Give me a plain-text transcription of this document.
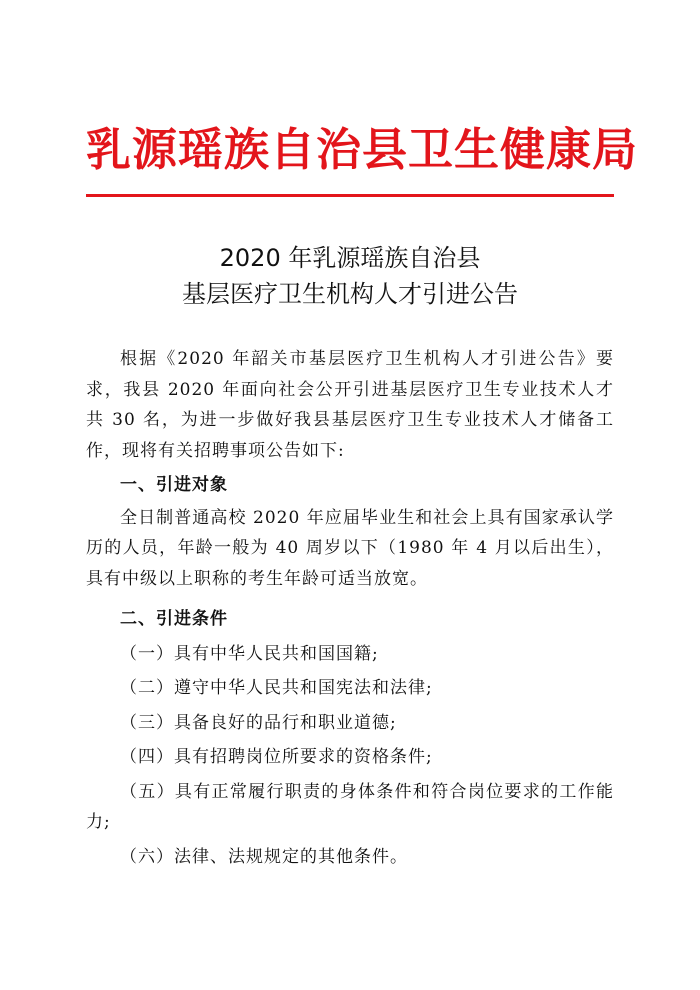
乳源瑶族自治县卫生健康局
2020 年乳源瑶族自治县
基层医疗卫生机构人才引进公告

根据《2020 年韶关市基层医疗卫生机构人才引进公告》要求，我县 2020 年面向社会公开引进基层医疗卫生专业技术人才共 30 名，为进一步做好我县基层医疗卫生专业技术人才储备工作，现将有关招聘事项公告如下:

一、引进对象

全日制普通高校 2020 年应届毕业生和社会上具有国家承认学历的人员，年龄一般为 40 周岁以下（1980 年 4 月以后出生），具有中级以上职称的考生年龄可适当放宽。

二、引进条件

（一）具有中华人民共和国国籍;

（二）遵守中华人民共和国宪法和法律;

（三）具备良好的品行和职业道德;

（四）具有招聘岗位所要求的资格条件;

（五）具有正常履行职责的身体条件和符合岗位要求的工作能力;

（六）法律、法规规定的其他条件。
